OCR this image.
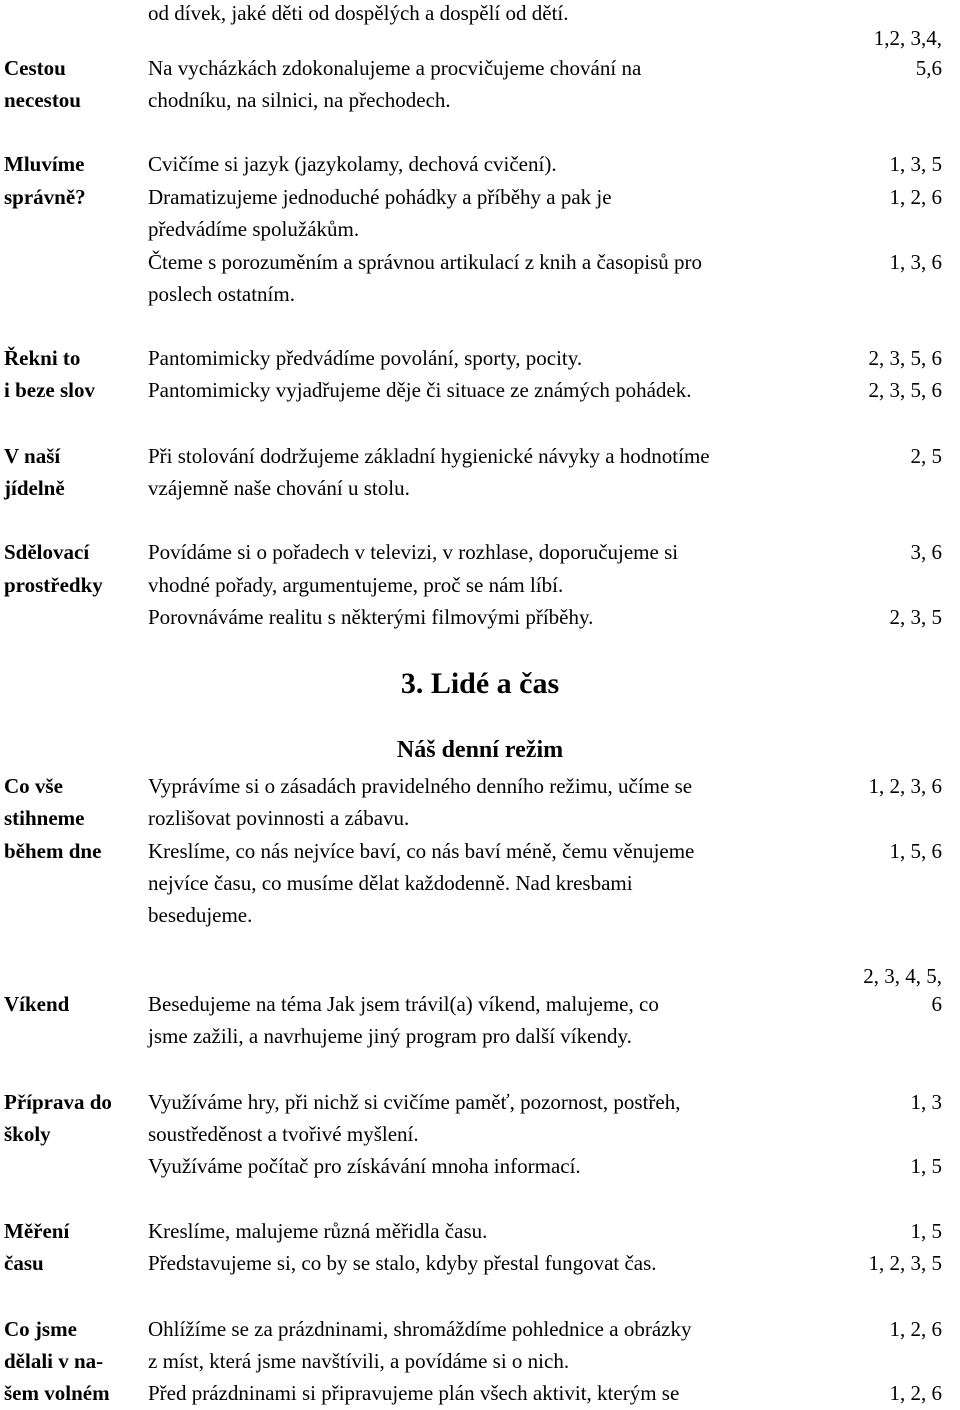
Cestou
necestou
od dívek, jaké děti od dospělých a dospělí od dětí.
Na vycházkách zdokonalujeme a procvičujeme chování na
chodníku, na silnici, na přechodech.
1,2, 3,4,
5,6
Mluvíme
správně?
Cvičíme si jazyk (jazykolamy, dechová cvičení).
Dramatizujeme jednoduché pohádky a příběhy a pak je
předvádíme spolužákům.
Čteme s porozuměním a správnou artikulací z knih a časopisů pro
poslech ostatním.
1, 3, 5
1, 2, 6
1, 3, 6
Řekni to
i beze slov
Pantomimicky předvádíme povolání, sporty, pocity.
Pantomimicky vyjadřujeme děje či situace ze známých pohádek.
2, 3, 5, 6
2, 3, 5, 6
V naší
jídelně
Při stolování dodržujeme základní hygienické návyky a hodnotíme
vzájemně naše chování u stolu.
2, 5
Sdělovací
prostředky
Povídáme si o pořadech v televizi, v rozhlase, doporučujeme si
vhodné pořady, argumentujeme, proč se nám líbí.
Porovnáváme realitu s některými filmovými příběhy.
3, 6
2, 3, 5
3. Lidé a čas
Náš denní režim
Co vše
stihneme
během dne
Vyprávíme si o zásadách pravidelného denního režimu, učíme se
rozlišovat povinnosti a zábavu.
Kreslíme, co nás nejvíce baví, co nás baví méně, čemu věnujeme
nejvíce času, co musíme dělat každodenně. Nad kresbami
besedujeme.
1, 2, 3, 6
1, 5, 6
Víkend	Besedujeme na téma Jak jsem trávil(a) víkend, malujeme, co
jsme zažili, a navrhujeme jiný program pro další víkendy.
2, 3, 4, 5,
6
Příprava do
školy
Využíváme hry, při nichž si cvičíme paměť, pozornost, postřeh,
soustředěnost a tvořivé myšlení.
Využíváme počítač pro získávání mnoha informací.
1, 3
1, 5
Měření
času
Kreslíme, malujeme různá měřidla času.
Představujeme si, co by se stalo, kdyby přestal fungovat čas.
1, 5
1, 2, 3, 5
Co jsme
dělali v na-
šem volném
Ohlížíme se za prázdninami, shromáždíme pohlednice a obrázky
z míst, která jsme navštívili, a povídáme si o nich.
Před prázdninami si připravujeme plán všech aktivit, kterým se
1, 2, 6
1, 2, 6
